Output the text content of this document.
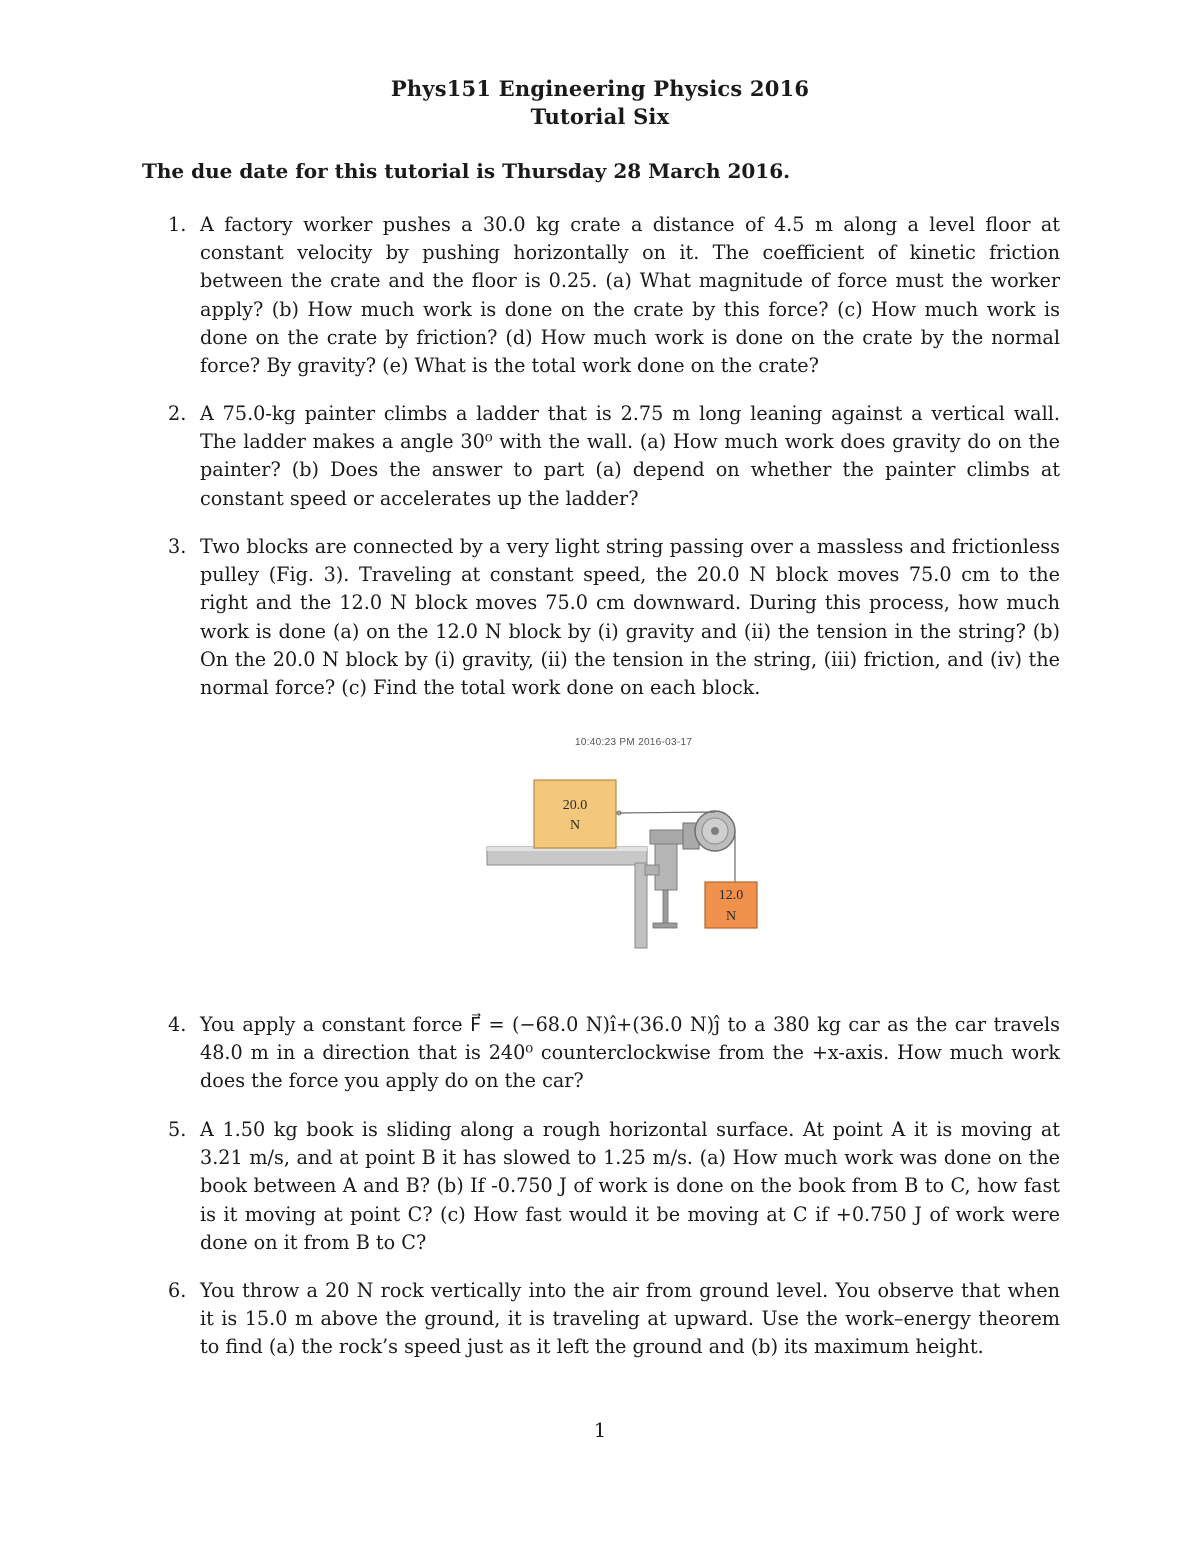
Phys151 Engineering Physics 2016
Tutorial Six
The due date for this tutorial is Thursday 28 March 2016.
1. A factory worker pushes a 30.0 kg crate a distance of 4.5 m along a level floor at constant velocity by pushing horizontally on it. The coefficient of kinetic friction between the crate and the floor is 0.25. (a) What magnitude of force must the worker apply? (b) How much work is done on the crate by this force? (c) How much work is done on the crate by friction? (d) How much work is done on the crate by the normal force? By gravity? (e) What is the total work done on the crate?
2. A 75.0-kg painter climbs a ladder that is 2.75 m long leaning against a vertical wall. The ladder makes a angle 30⁰ with the wall. (a) How much work does gravity do on the painter? (b) Does the answer to part (a) depend on whether the painter climbs at constant speed or accelerates up the ladder?
3. Two blocks are connected by a very light string passing over a massless and frictionless pulley (Fig. 3). Traveling at constant speed, the 20.0 N block moves 75.0 cm to the right and the 12.0 N block moves 75.0 cm downward. During this process, how much work is done (a) on the 12.0 N block by (i) gravity and (ii) the tension in the string? (b) On the 20.0 N block by (i) gravity, (ii) the tension in the string, (iii) friction, and (iv) the normal force? (c) Find the total work done on each block.
10:40:23 PM 2016-03-17
20.0
N
12.0
N
4. You apply a constant force F⃗ = (−68.0 N)î+(36.0 N)ĵ to a 380 kg car as the car travels 48.0 m in a direction that is 240⁰ counterclockwise from the +x-axis. How much work does the force you apply do on the car?
5. A 1.50 kg book is sliding along a rough horizontal surface. At point A it is moving at 3.21 m/s, and at point B it has slowed to 1.25 m/s. (a) How much work was done on the book between A and B? (b) If -0.750 J of work is done on the book from B to C, how fast is it moving at point C? (c) How fast would it be moving at C if +0.750 J of work were done on it from B to C?
6. You throw a 20 N rock vertically into the air from ground level. You observe that when it is 15.0 m above the ground, it is traveling at upward. Use the work–energy theorem to find (a) the rock’s speed just as it left the ground and (b) its maximum height.
1
